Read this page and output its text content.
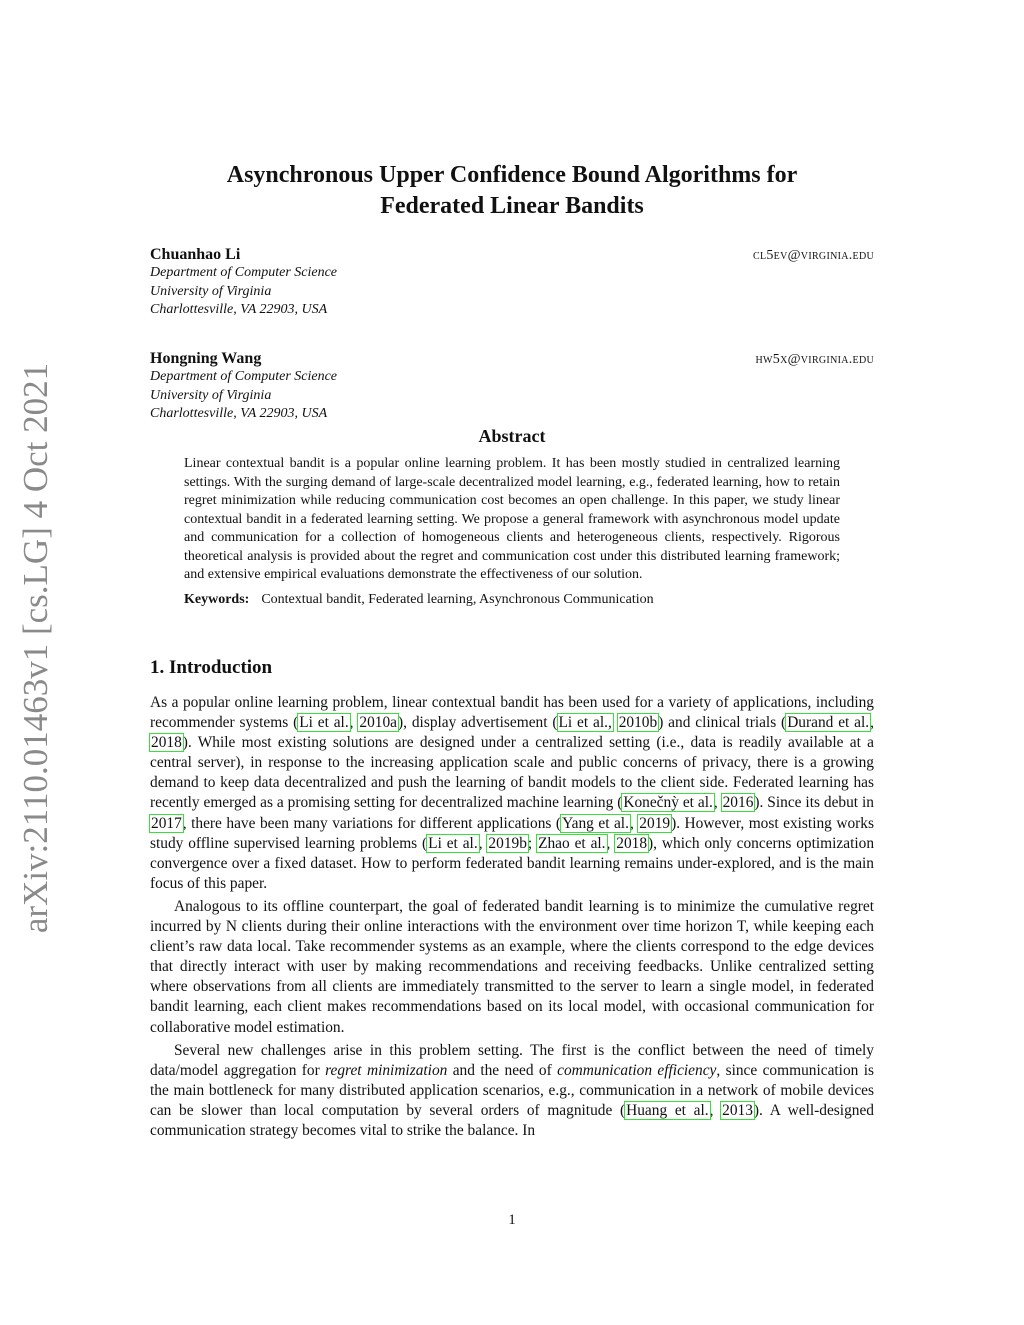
arXiv:2110.01463v1 [cs.LG] 4 Oct 2021
Asynchronous Upper Confidence Bound Algorithms for
Federated Linear Bandits
Chuanhao Li	cl5ev@virginia.edu
Department of Computer Science
University of Virginia
Charlottesville, VA 22903, USA
Hongning Wang	hw5x@virginia.edu
Department of Computer Science
University of Virginia
Charlottesville, VA 22903, USA
Abstract
Linear contextual bandit is a popular online learning problem. It has been mostly studied in centralized learning settings. With the surging demand of large-scale decentralized model learning, e.g., federated learning, how to retain regret minimization while reducing communication cost becomes an open challenge. In this paper, we study linear contextual bandit in a federated learning setting. We propose a general framework with asynchronous model update and communication for a collection of homogeneous clients and heterogeneous clients, respectively. Rigorous theoretical analysis is provided about the regret and communication cost under this distributed learning framework; and extensive empirical evaluations demonstrate the effectiveness of our solution.
Keywords: Contextual bandit, Federated learning, Asynchronous Communication
1. Introduction

As a popular online learning problem, linear contextual bandit has been used for a variety of applications, including recommender systems (Li et al., 2010a), display advertisement (Li et al., 2010b) and clinical trials (Durand et al., 2018). While most existing solutions are designed under a centralized setting (i.e., data is readily available at a central server), in response to the increasing application scale and public concerns of privacy, there is a growing demand to keep data decentralized and push the learning of bandit models to the client side. Federated learning has recently emerged as a promising setting for decentralized machine learning (Konečnỳ et al., 2016). Since its debut in 2017, there have been many variations for different applications (Yang et al., 2019). However, most existing works study offline supervised learning problems (Li et al., 2019b; Zhao et al., 2018), which only concerns optimization convergence over a fixed dataset. How to perform federated bandit learning remains under-explored, and is the main focus of this paper.

Analogous to its offline counterpart, the goal of federated bandit learning is to minimize the cumulative regret incurred by N clients during their online interactions with the environment over time horizon T, while keeping each client’s raw data local. Take recommender systems as an example, where the clients correspond to the edge devices that directly interact with user by making recommendations and receiving feedbacks. Unlike centralized setting where observations from all clients are immediately transmitted to the server to learn a single model, in federated bandit learning, each client makes recommendations based on its local model, with occasional communication for collaborative model estimation.

Several new challenges arise in this problem setting. The first is the conflict between the need of timely data/model aggregation for regret minimization and the need of communication efficiency, since communication is the main bottleneck for many distributed application scenarios, e.g., communication in a network of mobile devices can be slower than local computation by several orders of magnitude (Huang et al., 2013). A well-designed communication strategy becomes vital to strike the balance. In

1
